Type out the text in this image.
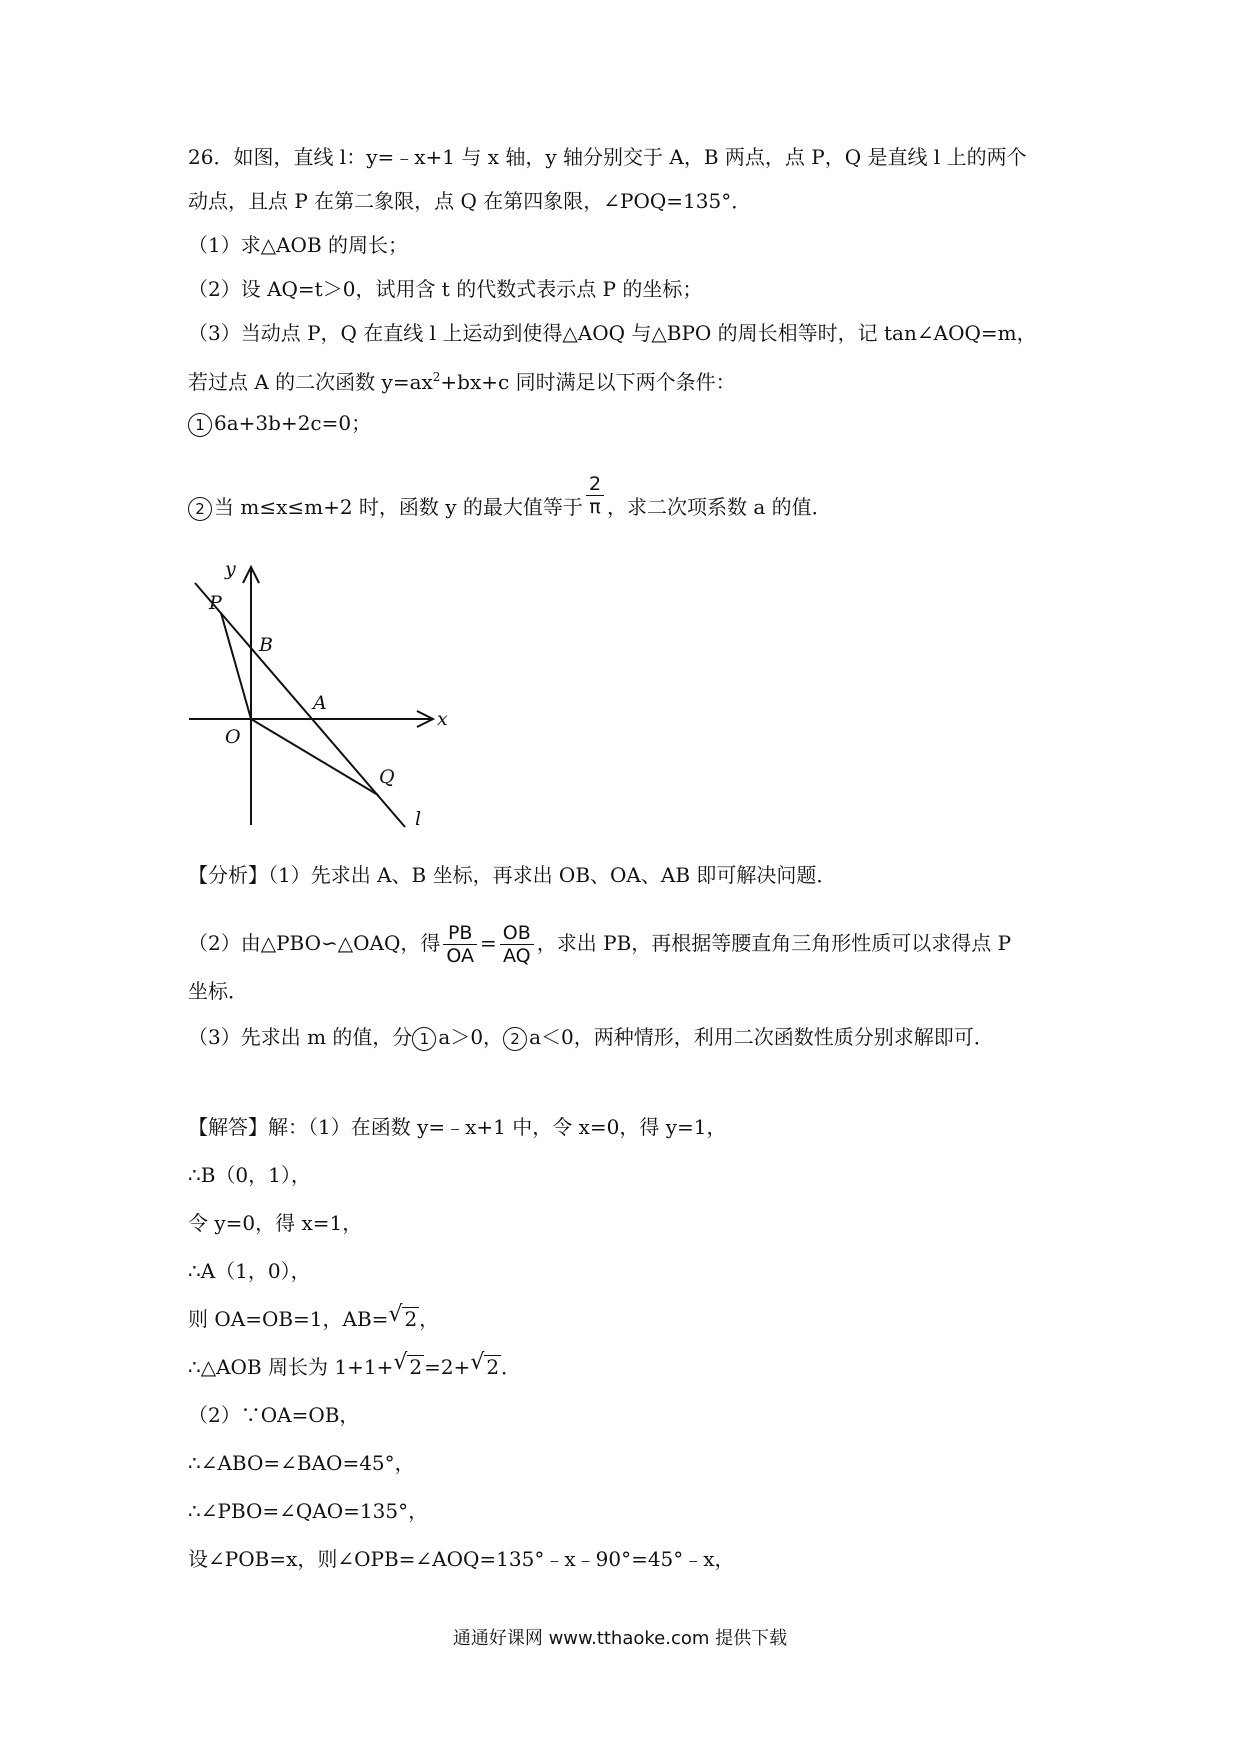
26．如图，直线 l：y=﹣x+1 与 x 轴，y 轴分别交于 A，B 两点，点 P，Q 是直线 l 上的两个
动点，且点 P 在第二象限，点 Q 在第四象限，∠POQ=135°．
（1）求△AOB 的周长；
（2）设 AQ=t＞0，试用含 t 的代数式表示点 P 的坐标；
（3）当动点 P，Q 在直线 l 上运动到使得△AOQ 与△BPO 的周长相等时，记 tan∠AOQ=m，
若过点 A 的二次函数 $y=ax^2+bx+c$ 同时满足以下两个条件：
1 6a+3b+2c=0；
2 当 m≤x≤m+2 时，函数 y 的最大值等于 $\frac{2}{\pi}$ ，求二次项系数 a 的值．
y
x
P
B
A
O
Q
l
【分析】（1）先求出 A、B 坐标，再求出 OB、OA、AB 即可解决问题．
（2）由△PBO∽△OAQ，得 $\frac{PB}{OA} = \frac{OB}{AQ}$ ，求出 PB，再根据等腰直角三角形性质可以求得点 P
坐标．
（3）先求出 m 的值，分 1 a＞0， 2 a＜0，两种情形，利用二次函数性质分别求解即可．
【解答】解：（1）在函数 y=﹣x+1 中，令 x=0，得 y=1，
∴B（0，1），
令 y=0，得 x=1，
∴A（1，0），
则 OA=OB=1，AB= √ 2 ，
∴△AOB 周长为 1+1+ √ 2 =2+ √ 2 ．
（2）∵OA=OB，
∴∠ABO=∠BAO=45°，
∴∠PBO=∠QAO=135°，
设∠POB=x，则∠OPB=∠AOQ=135°﹣x﹣90°=45°﹣x，
通通好课网 www.tthaoke.com 提供下载
